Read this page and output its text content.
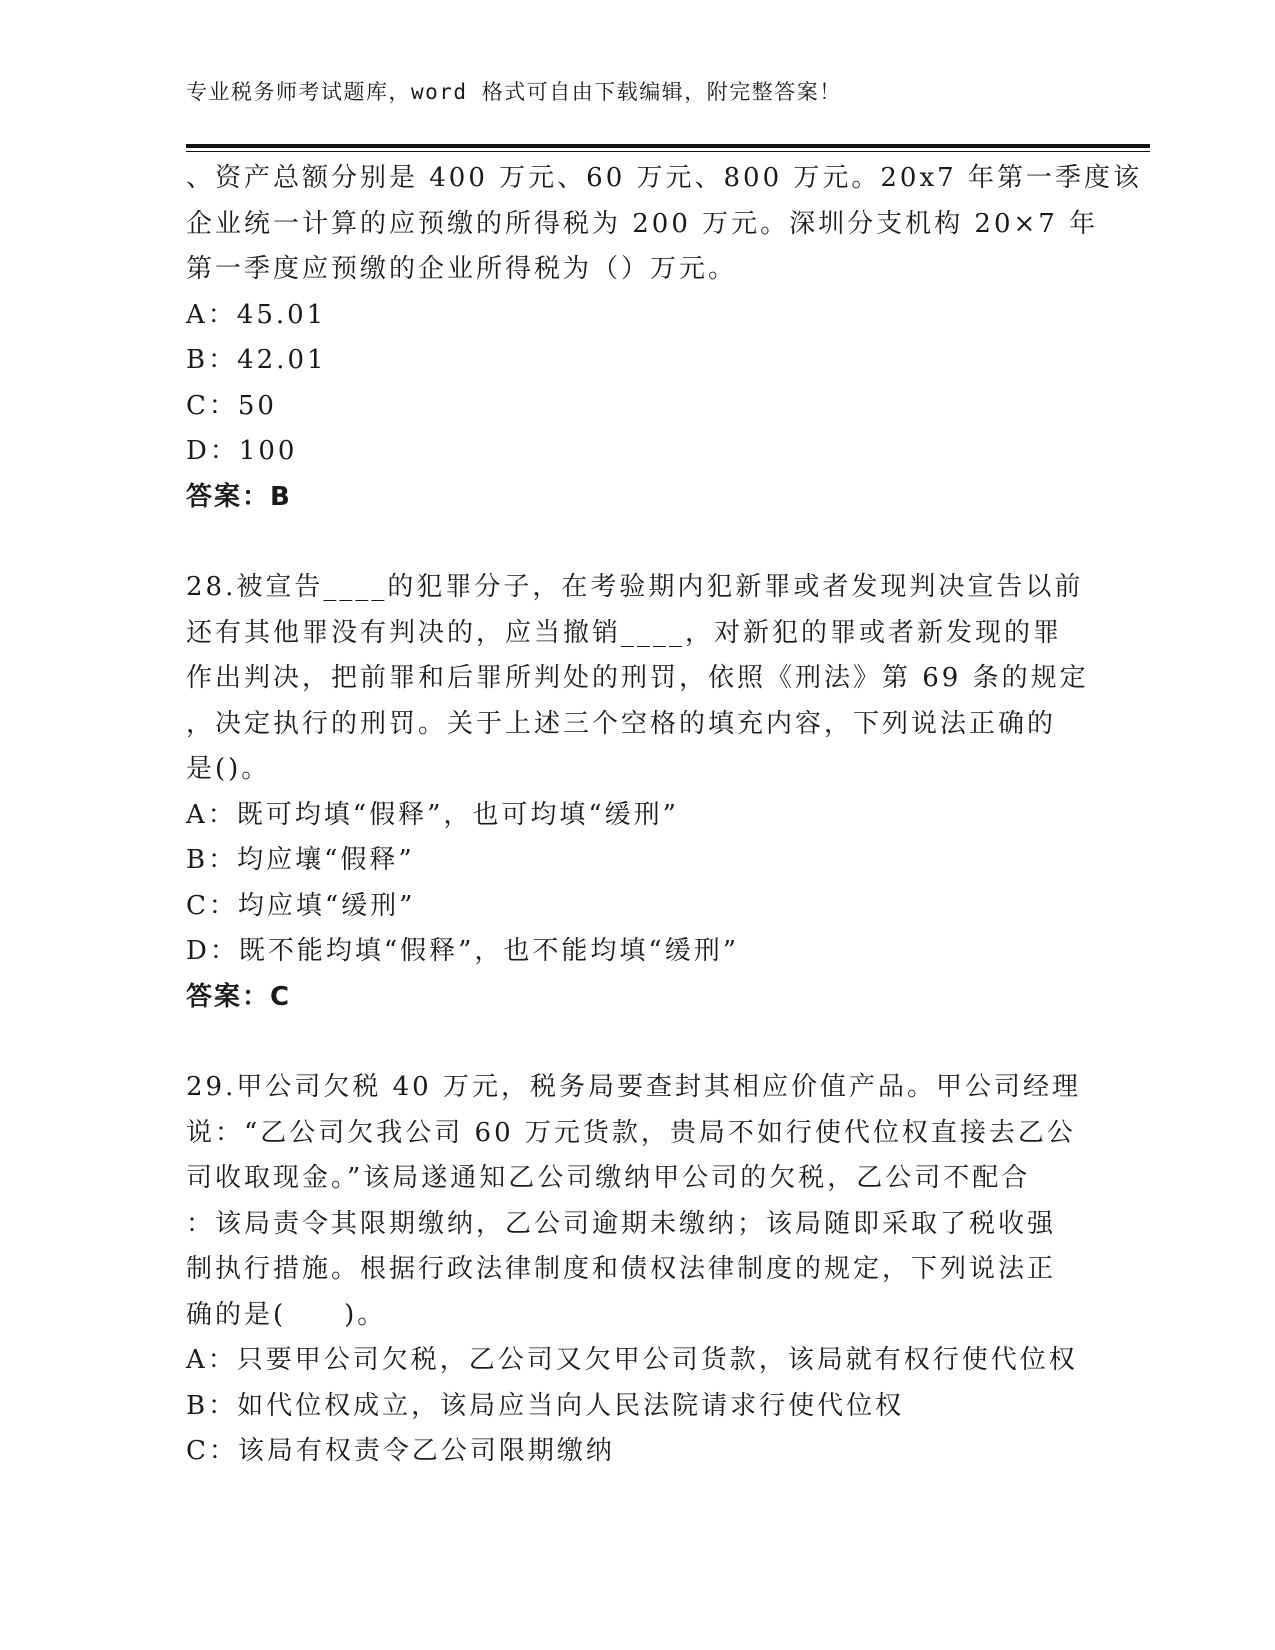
专业税务师考试题库，word 格式可自由下载编辑，附完整答案！
、资产总额分别是 400 万元、60 万元、800 万元。20x7 年第一季度该
企业统一计算的应预缴的所得税为 200 万元。深圳分支机构 20×7 年
第一季度应预缴的企业所得税为（）万元。
A：45.01
B：42.01
C：50
D：100
答案：B
28.被宣告____的犯罪分子，在考验期内犯新罪或者发现判决宣告以前
还有其他罪没有判决的，应当撤销____，对新犯的罪或者新发现的罪
作出判决，把前罪和后罪所判处的刑罚，依照《刑法》第 69 条的规定
，决定执行的刑罚。关于上述三个空格的填充内容，下列说法正确的
是()。
A：既可均填“假释”，也可均填“缓刑”
B：均应壤“假释”
C：均应填“缓刑”
D：既不能均填“假释”，也不能均填“缓刑”
答案：C
29.甲公司欠税 40 万元，税务局要查封其相应价值产品。甲公司经理
说：“乙公司欠我公司 60 万元货款，贵局不如行使代位权直接去乙公
司收取现金。”该局遂通知乙公司缴纳甲公司的欠税，乙公司不配合
：该局责令其限期缴纳，乙公司逾期未缴纳；该局随即采取了税收强
制执行措施。根据行政法律制度和债权法律制度的规定，下列说法正
确的是(　　)。
A：只要甲公司欠税，乙公司又欠甲公司货款，该局就有权行使代位权
B：如代位权成立，该局应当向人民法院请求行使代位权
C：该局有权责令乙公司限期缴纳
